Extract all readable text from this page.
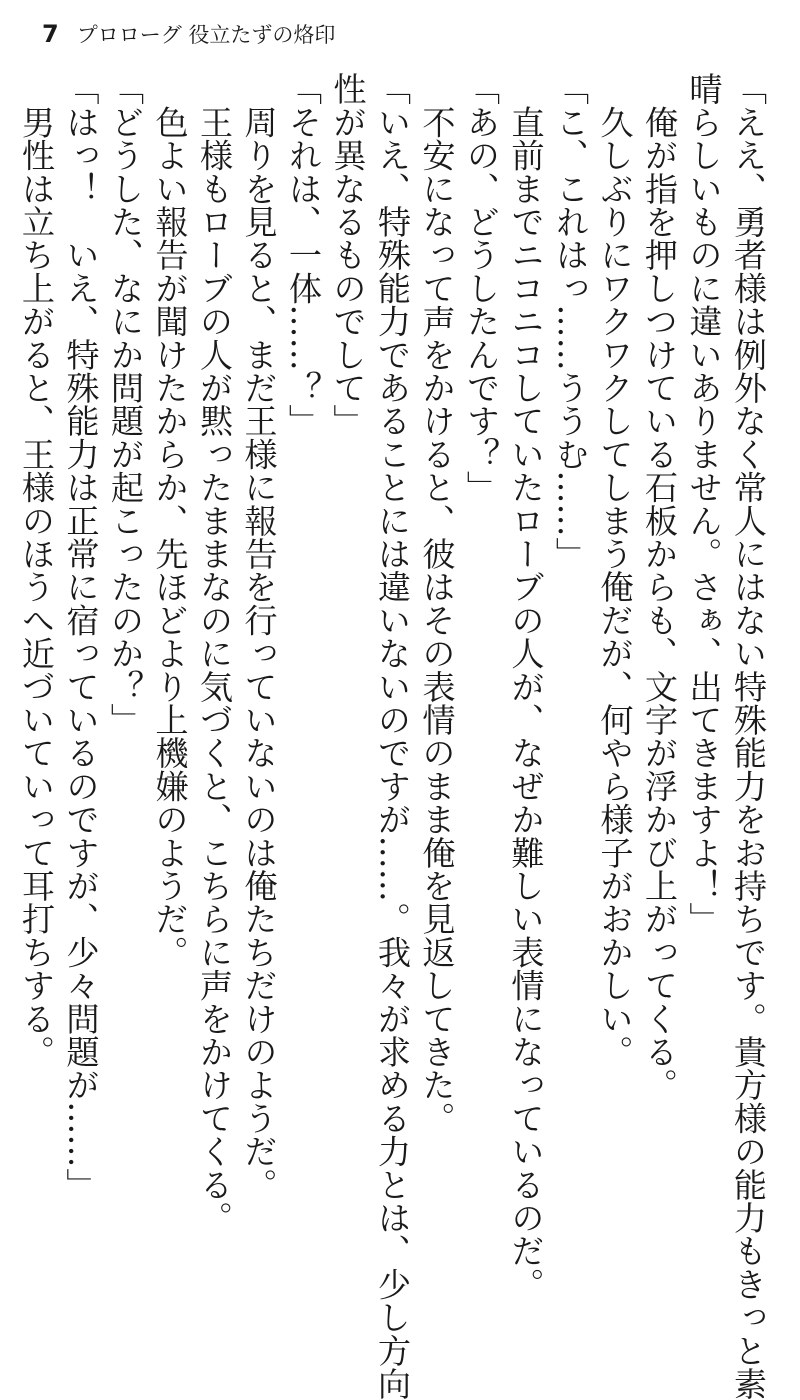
7 プロローグ 役立たずの烙印
「ええ、勇者様は例外なく常人にはない特殊能力をお持ちです。貴方様の能力もきっと素
晴らしいものに違いありません。さぁ、出てきますよ！」
　俺が指を押しつけている石板からも、文字が浮かび上がってくる。
　久しぶりにワクワクしてしまう俺だが、何やら様子がおかしい。
「こ、これはっ……ううむ……」
　直前までニコニコしていたローブの人が、なぜか難しい表情になっているのだ。
「あの、どうしたんです？」
　不安になって声をかけると、彼はその表情のまま俺を見返してきた。
「いえ、特殊能力であることには違いないのですが……。我々が求める力とは、少し方向
性が異なるものでして」
「それは、一体……？」
　周りを見ると、まだ王様に報告を行っていないのは俺たちだけのようだ。
　王様もローブの人が黙ったままなのに気づくと、こちらに声をかけてくる。
　色よい報告が聞けたからか、先ほどより上機嫌のようだ。
「どうした、なにか問題が起こったのか？」
「はっ！　いえ、特殊能力は正常に宿っているのですが、少々問題が……」
　男性は立ち上がると、王様のほうへ近づいていって耳打ちする。
